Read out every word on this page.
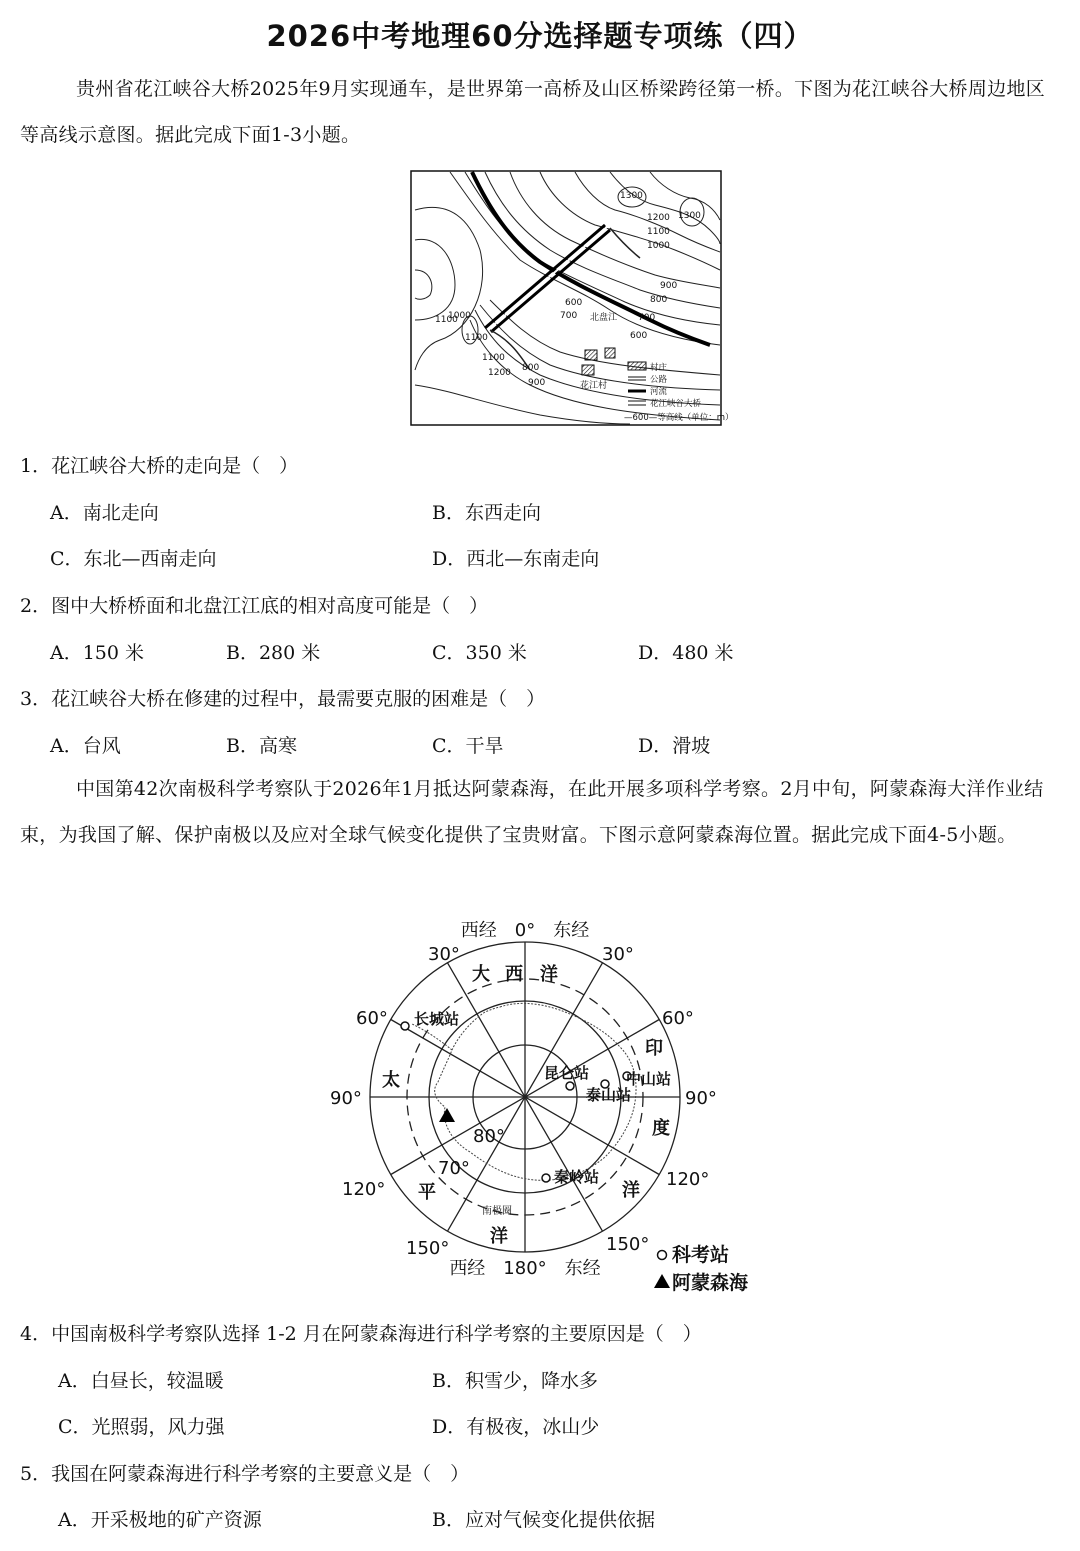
2026中考地理60分选择题专项练（四）

贵州省花江峡谷大桥2025年9月实现通车，是世界第一高桥及山区桥梁跨径第一桥。下图为花江峡谷大桥周边地区等高线示意图。据此完成下面1-3小题。

1300
1200
1100
1000
900
800
700
600
1100
1000
1100
1200
1100
900
800
700
600
1300
北盘江
花江村
村庄
公路
河流
花江峡谷大桥
—600—等高线（单位：m）
1．花江峡谷大桥的走向是（　）
A．南北走向	B．东西走向
C．东北—西南走向	D．西北—东南走向
2．图中大桥桥面和北盘江江底的相对高度可能是（　）
A．150 米	B．280 米	C．350 米	D．480 米
3．花江峡谷大桥在修建的过程中，最需要克服的困难是（　）
A．台风	B．高寒	C．干旱	D．滑坡

中国第42次南极科学考察队于2026年1月抵达阿蒙森海，在此开展多项科学考察。2月中旬，阿蒙森海大洋作业结束，为我国了解、保护南极以及应对全球气候变化提供了宝贵财富。下图示意阿蒙森海位置。据此完成下面4-5小题。

西经　0°　东经
西经　180°　东经
30°	30°
60°	60°
90°	90°
120°	120°
150°	150°
80°
70°
南极圈
大 西 洋
印
度
洋
太
平
洋
长城站
昆仑站 中山站
泰山站
秦岭站
科考站
阿蒙森海
4．中国南极科学考察队选择 1-2 月在阿蒙森海进行科学考察的主要原因是（　）
A．白昼长，较温暖	B．积雪少，降水多
C．光照弱，风力强	D．有极夜，冰山少
5．我国在阿蒙森海进行科学考察的主要意义是（　）
A．开采极地的矿产资源	B．应对气候变化提供依据
